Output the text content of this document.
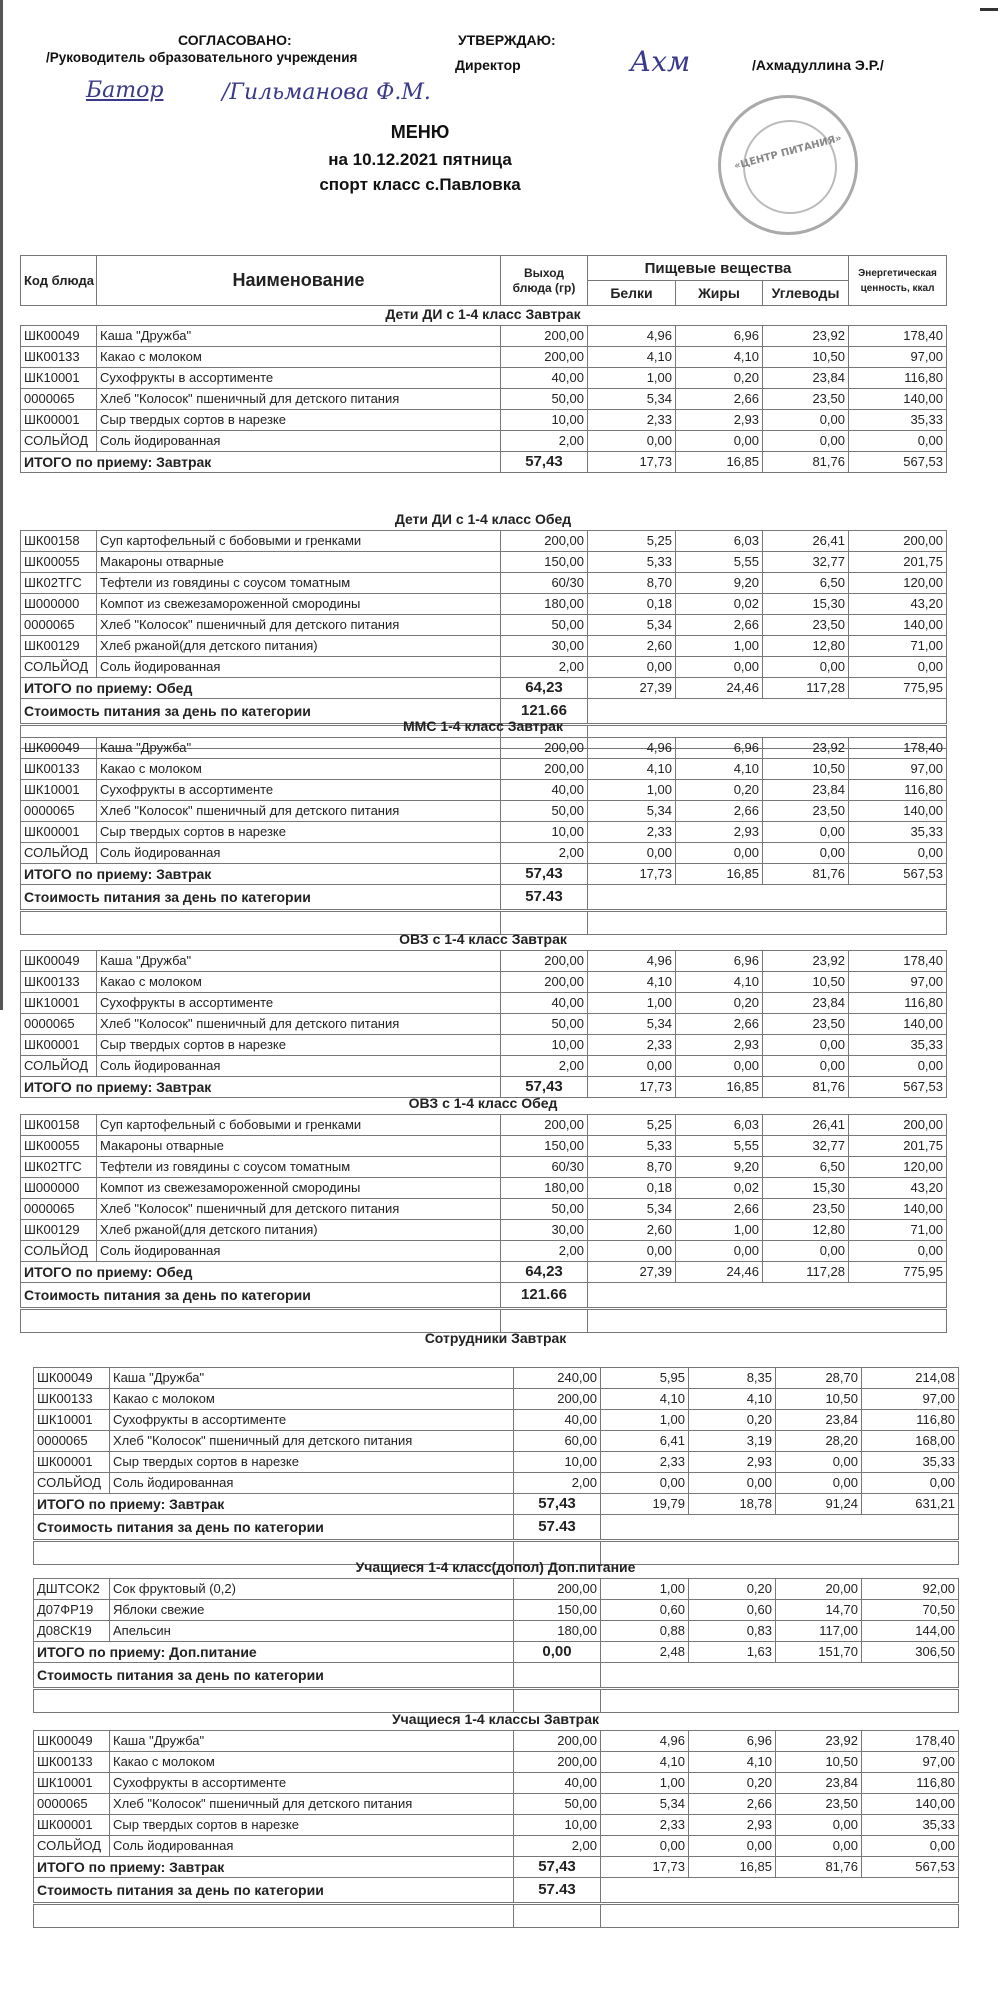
СОГЛАСОВАНО:
/Руководитель образовательного учреждения
Батор	/Гильманова Ф.М.
УТВЕРЖДАЮ:
Директор	Ахм	/Ахмадуллина Э.Р./
«ЦЕНТР ПИТАНИЯ»
МЕНЮ
на 10.12.2021 пятница
спорт класс с.Павловка
Код блюда	Наименование	Выход блюда (гр)	Пищевые вещества			Энергетическая ценность, ккал
			Белки	Жиры	Углеводы	
Дети ДИ с 1-4 класс Завтрак
ШК00049	Каша "Дружба"	200,00	4,96	6,96	23,92	178,40
ШК00133	Какао с молоком	200,00	4,10	4,10	10,50	97,00
ШК10001	Сухофрукты в ассортименте	40,00	1,00	0,20	23,84	116,80
0000065	Хлеб "Колосок" пшеничный для детского питания	50,00	5,34	2,66	23,50	140,00
ШК00001	Сыр твердых сортов в нарезке	10,00	2,33	2,93	0,00	35,33
СОЛЬЙОД	Соль йодированная	2,00	0,00	0,00	0,00	0,00
ИТОГО по приему: Завтрак		57,43	17,73	16,85	81,76	567,53
Дети ДИ с 1-4 класс Обед
ШК00158	Суп картофельный с бобовыми и гренками	200,00	5,25	6,03	26,41	200,00
ШК00055	Макароны отварные	150,00	5,33	5,55	32,77	201,75
ШК02ТГС	Тефтели из говядины с соусом томатным	60/30	8,70	9,20	6,50	120,00
Ш000000	Компот из свежезамороженной смородины	180,00	0,18	0,02	15,30	43,20
0000065	Хлеб "Колосок" пшеничный для детского питания	50,00	5,34	2,66	23,50	140,00
ШК00129	Хлеб ржаной(для детского питания)	30,00	2,60	1,00	12,80	71,00
СОЛЬЙОД	Соль йодированная	2,00	0,00	0,00	0,00	0,00
ИТОГО по приему: Обед		64,23	27,39	24,46	117,28	775,95
Стоимость питания за день по категории		121.66				

ММС 1-4 класс Завтрак
ШК00049	Каша "Дружба"	200,00	4,96	6,96	23,92	178,40
ШК00133	Какао с молоком	200,00	4,10	4,10	10,50	97,00
ШК10001	Сухофрукты в ассортименте	40,00	1,00	0,20	23,84	116,80
0000065	Хлеб "Колосок" пшеничный для детского питания	50,00	5,34	2,66	23,50	140,00
ШК00001	Сыр твердых сортов в нарезке	10,00	2,33	2,93	0,00	35,33
СОЛЬЙОД	Соль йодированная	2,00	0,00	0,00	0,00	0,00
ИТОГО по приему: Завтрак		57,43	17,73	16,85	81,76	567,53
Стоимость питания за день по категории		57.43				

ОВЗ с 1-4 класс Завтрак
ШК00049	Каша "Дружба"	200,00	4,96	6,96	23,92	178,40
ШК00133	Какао с молоком	200,00	4,10	4,10	10,50	97,00
ШК10001	Сухофрукты в ассортименте	40,00	1,00	0,20	23,84	116,80
0000065	Хлеб "Колосок" пшеничный для детского питания	50,00	5,34	2,66	23,50	140,00
ШК00001	Сыр твердых сортов в нарезке	10,00	2,33	2,93	0,00	35,33
СОЛЬЙОД	Соль йодированная	2,00	0,00	0,00	0,00	0,00
ИТОГО по приему: Завтрак		57,43	17,73	16,85	81,76	567,53
ОВЗ с 1-4 класс Обед
ШК00158	Суп картофельный с бобовыми и гренками	200,00	5,25	6,03	26,41	200,00
ШК00055	Макароны отварные	150,00	5,33	5,55	32,77	201,75
ШК02ТГС	Тефтели из говядины с соусом томатным	60/30	8,70	9,20	6,50	120,00
Ш000000	Компот из свежезамороженной смородины	180,00	0,18	0,02	15,30	43,20
0000065	Хлеб "Колосок" пшеничный для детского питания	50,00	5,34	2,66	23,50	140,00
ШК00129	Хлеб ржаной(для детского питания)	30,00	2,60	1,00	12,80	71,00
СОЛЬЙОД	Соль йодированная	2,00	0,00	0,00	0,00	0,00
ИТОГО по приему: Обед		64,23	27,39	24,46	117,28	775,95
Стоимость питания за день по категории		121.66				

Сотрудники Завтрак
ШК00049	Каша "Дружба"	240,00	5,95	8,35	28,70	214,08
ШК00133	Какао с молоком	200,00	4,10	4,10	10,50	97,00
ШК10001	Сухофрукты в ассортименте	40,00	1,00	0,20	23,84	116,80
0000065	Хлеб "Колосок" пшеничный для детского питания	60,00	6,41	3,19	28,20	168,00
ШК00001	Сыр твердых сортов в нарезке	10,00	2,33	2,93	0,00	35,33
СОЛЬЙОД	Соль йодированная	2,00	0,00	0,00	0,00	0,00
ИТОГО по приему: Завтрак		57,43	19,79	18,78	91,24	631,21
Стоимость питания за день по категории		57.43				

Учащиеся 1-4 класс(допол) Доп.питание
ДШТСОК2	Сок фруктовый (0,2)	200,00	1,00	0,20	20,00	92,00
Д07ФР19	Яблоки свежие	150,00	0,60	0,60	14,70	70,50
Д08СК19	Апельсин	180,00	0,88	0,83	117,00	144,00
ИТОГО по приему: Доп.питание		0,00	2,48	1,63	151,70	306,50
Стоимость питания за день по категории						

Учащиеся 1-4 классы Завтрак
ШК00049	Каша "Дружба"	200,00	4,96	6,96	23,92	178,40
ШК00133	Какао с молоком	200,00	4,10	4,10	10,50	97,00
ШК10001	Сухофрукты в ассортименте	40,00	1,00	0,20	23,84	116,80
0000065	Хлеб "Колосок" пшеничный для детского питания	50,00	5,34	2,66	23,50	140,00
ШК00001	Сыр твердых сортов в нарезке	10,00	2,33	2,93	0,00	35,33
СОЛЬЙОД	Соль йодированная	2,00	0,00	0,00	0,00	0,00
ИТОГО по приему: Завтрак		57,43	17,73	16,85	81,76	567,53
Стоимость питания за день по категории		57.43				
